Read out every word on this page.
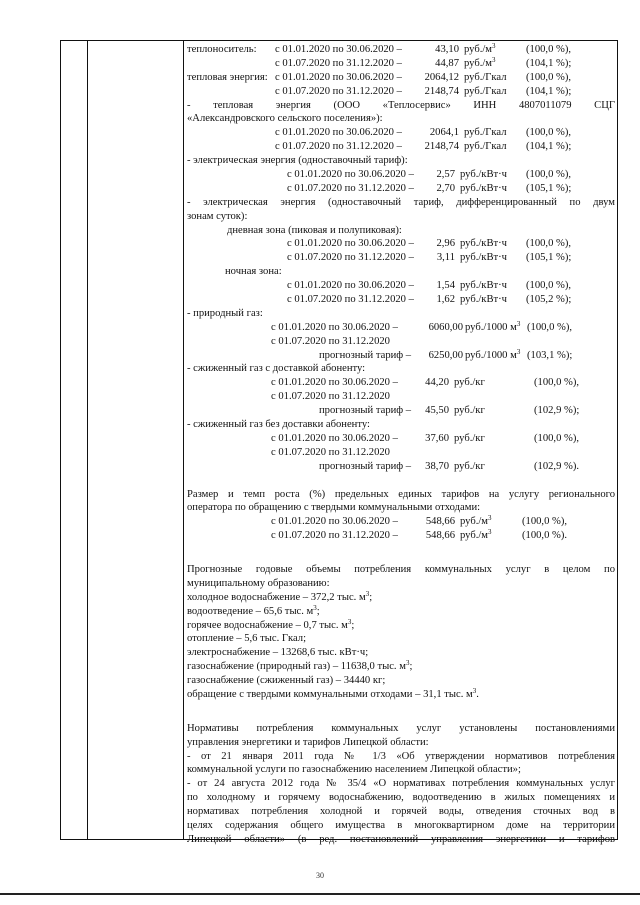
теплоноситель: с 01.01.2020 по 30.06.2020 –	43,10 $руб./м^3$	(100,0 %),
с 01.07.2020 по 31.12.2020 –	44,87 $руб./м^3$	(104,1 %);
тепловая энергия: с 01.01.2020 по 30.06.2020 – 2064,12 руб./Гкал (100,0 %),
с 01.07.2020 по 31.12.2020 – 2148,74 руб./Гкал (104,1 %);
- тепловая энергия (ООО «Теплосервис» ИНН 4807011079 СЦГ
«Александровского сельского поселения»):
с 01.01.2020 по 30.06.2020 –	2064,1 руб./Гкал (100,0 %),
с 01.07.2020 по 31.12.2020 – 2148,74 руб./Гкал (104,1 %);
- электрическая энергия (одноставочный тариф):
с 01.01.2020 по 30.06.2020 – 2,57 руб./кВт·ч (100,0 %),
с 01.07.2020 по 31.12.2020 – 2,70 руб./кВт·ч (105,1 %);
- электрическая энергия (одноставочный тариф, дифференцированный по двум
зонам суток):
дневная зона (пиковая и полупиковая):
с 01.01.2020 по 30.06.2020 – 2,96 руб./кВт·ч (100,0 %),
с 01.07.2020 по 31.12.2020 – 3,11 руб./кВт·ч (105,1 %);
ночная зона:
с 01.01.2020 по 30.06.2020 – 1,54 руб./кВт·ч (100,0 %),
с 01.07.2020 по 31.12.2020 – 1,62 руб./кВт·ч (105,2 %);
- природный газ:
с 01.01.2020 по 30.06.2020 –	6060,00 руб./1000 $м^3$ (100,0 %),
с 01.07.2020 по 31.12.2020
прогнозный тариф – 6250,00 руб./1000 $м^3$ (103,1 %);
- сжиженный газ с доставкой абоненту:
с 01.01.2020 по 30.06.2020 –	44,20 руб./кг	(100,0 %),
с 01.07.2020 по 31.12.2020
прогнозный тариф – 45,50 руб./кг	(102,9 %);
- сжиженный газ без доставки абоненту:
с 01.01.2020 по 30.06.2020 –	37,60 руб./кг	(100,0 %),
с 01.07.2020 по 31.12.2020
прогнозный тариф – 38,70 руб./кг	(102,9 %).
Размер и темп роста (%) предельных единых тарифов на услугу регионального
оператора по обращению с твердыми коммунальными отходами:
с 01.01.2020 по 30.06.2020 –	548,66 $руб./м^3$	(100,0 %),
с 01.07.2020 по 31.12.2020 –	548,66 $руб./м^3$	(100,0 %).
Прогнозные годовые объемы потребления коммунальных услуг в целом по
муниципальному образованию:
холодное водоснабжение – 372,2 тыс. $м^3$;
водоотведение – 65,6 тыс. $м^3$;
горячее водоснабжение – 0,7 тыс. $м^3$;
отопление – 5,6 тыс. Гкал;
электроснабжение – 13268,6 тыс. кВт·ч;
газоснабжение (природный газ) – 11638,0 тыс. $м^3$;
газоснабжение (сжиженный газ) – 34440 кг;
обращение с твердыми коммунальными отходами – 31,1 тыс. $м^3$.
Нормативы потребления коммунальных услуг установлены постановлениями
управления энергетики и тарифов Липецкой области:
- от 21 января 2011 года № 1/3 «Об утверждении нормативов потребления
коммунальной услуги по газоснабжению населением Липецкой области»;
- от 24 августа 2012 года № 35/4 «О нормативах потребления коммунальных услуг
по холодному и горячему водоснабжению, водоотведению в жилых помещениях и
нормативах потребления холодной и горячей воды, отведения сточных вод в
целях содержания общего имущества в многоквартирном доме на территории
Липецкой области» (в ред. постановлений управления энергетики и тарифов
30
